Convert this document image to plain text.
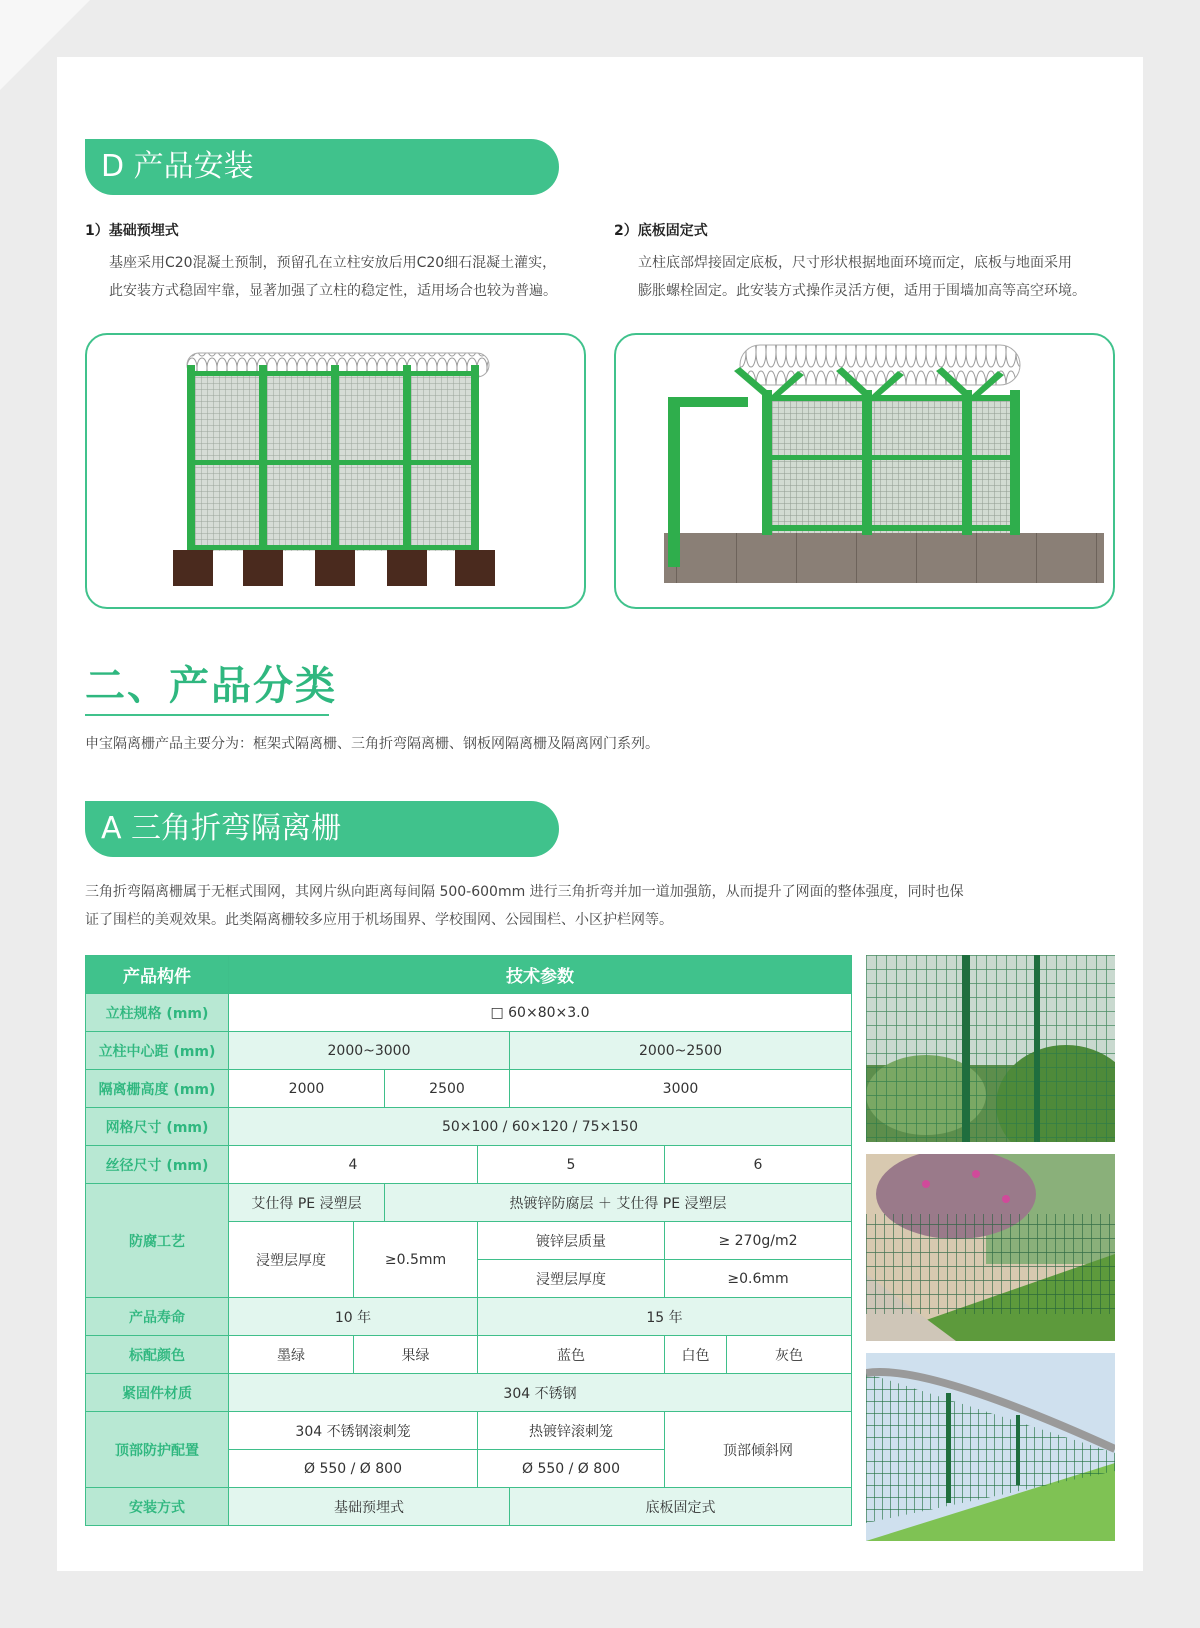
D 产品安装
1）基础预埋式
基座采用C20混凝土预制，预留孔在立柱安放后用C20细石混凝土灌实，
此安装方式稳固牢靠，显著加强了立柱的稳定性，适用场合也较为普遍。
2）底板固定式
立柱底部焊接固定底板，尺寸形状根据地面环境而定，底板与地面采用
膨胀螺栓固定。此安装方式操作灵活方便，适用于围墙加高等高空环境。
二、产品分类
申宝隔离栅产品主要分为：框架式隔离栅、三角折弯隔离栅、钢板网隔离栅及隔离网门系列。
A 三角折弯隔离栅
三角折弯隔离栅属于无框式围网，其网片纵向距离每间隔 500-600mm 进行三角折弯并加一道加强筋，从而提升了网面的整体强度，同时也保
证了围栏的美观效果。此类隔离栅较多应用于机场围界、学校围网、公园围栏、小区护栏网等。
产品构件	技术参数						
立柱规格 (mm)	□ 60×80×3.0						
立柱中心距 (mm)	2000~3000				2000~2500		
隔离栅高度 (mm)	2000		2500		3000		
网格尺寸 (mm)	50×100 / 60×120 / 75×150						
丝径尺寸 (mm)	4			5		6	
防腐工艺	艾仕得 PE 浸塑层		热镀锌防腐层 ＋ 艾仕得 PE 浸塑层				
	浸塑层厚度	≥0.5mm		镀锌层质量		≥ 270g/m2	
				浸塑层厚度		≥0.6mm	
产品寿命	10 年			15 年			
标配颜色	墨绿	果绿		蓝色		白色	灰色
紧固件材质	304 不锈钢						
顶部防护配置	304 不锈钢滚刺笼			热镀锌滚刺笼		顶部倾斜网	
	Ø 550 / Ø 800			Ø 550 / Ø 800			
安装方式	基础预埋式				底板固定式		
